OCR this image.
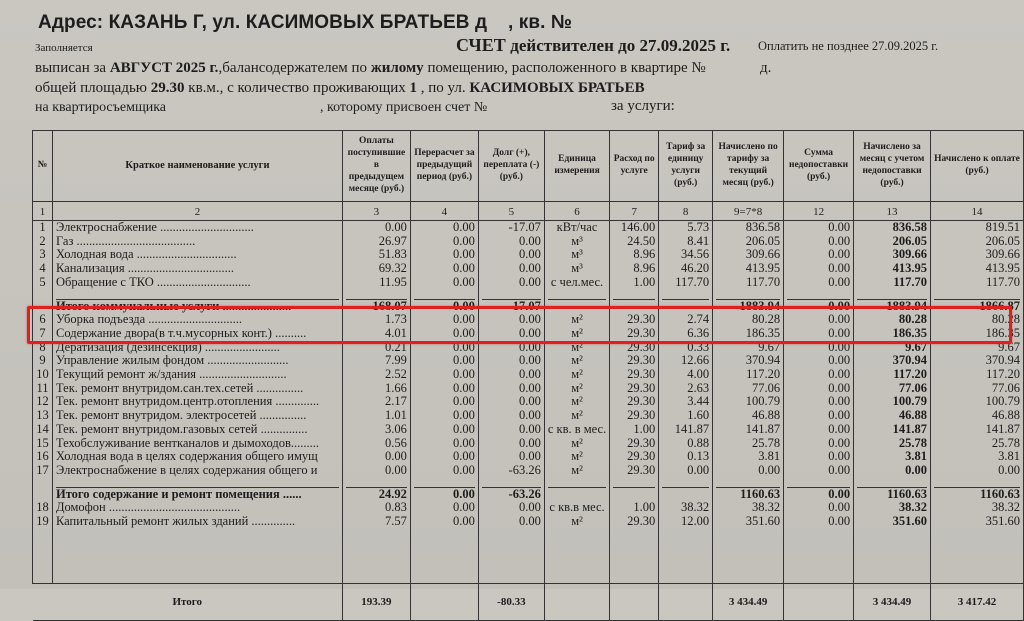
Адрес: КАЗАНЬ Г, ул. КАСИМОВЫХ БРАТЬЕВ д , кв. №
Заполняется	СЧЕТ действителен до 27.09.2025 г. Оплатить не позднее 27.09.2025 г.
выписан за АВГУСТ 2025 г.,балансодержателем по жилому помещению, расположенного в квартире №	д.
общей площадью 29.30 кв.м., с количество проживающих 1 , по ул. КАСИМОВЫХ БРАТЬЕВ
на квартиросъемщика	, которому присвоен счет №	за услуги:
№	Краткое наименование услуги	Оплаты поступившие в предыдущем месяце (руб.)	Перерасчет за предыдущий период (руб.)	Долг (+), переплата (-) (руб.)	Единица измерения	Расход по услуге	Тариф за единицу услуги (руб.)	Начислено по тарифу за текущий месяц (руб.)	Сумма недопоставки (руб.)	Начислено за месяц с учетом недопоставки (руб.)	Начислено к оплате (руб.)
1	2	3	4	5	6	7	8	9=7*8	12	13	14
1	Электроснабжение ..............................	0.00	0.00	-17.07	кВт/час	146.00	5.73	836.58	0.00	836.58	819.51
2	Газ ......................................	26.97	0.00	0.00	м³	24.50	8.41	206.05	0.00	206.05	206.05
3	Холодная вода ................................	51.83	0.00	0.00	м³	8.96	34.56	309.66	0.00	309.66	309.66
4	Канализация ..................................	69.32	0.00	0.00	м³	8.96	46.20	413.95	0.00	413.95	413.95
5	Обращение с ТКО ..............................	11.95	0.00	0.00	с чел.мес.	1.00	117.70	117.70	0.00	117.70	117.70

	Итого коммунальные услуги ......................	168.07	0.00	-17.07				1883.94	0.00	1883.94	1866.87
6	Уборка подъезда ..............................	1.73	0.00	0.00	м²	29.30	2.74	80.28	0.00	80.28	80.28
7	Содержание двора(в т.ч.мусорных конт.) ..........	4.01	0.00	0.00	м²	29.30	6.36	186.35	0.00	186.35	186.35
8	Дератизация (дезинсекция) ........................	0.21	0.00	0.00	м²	29.30	0.33	9.67	0.00	9.67	9.67
9	Управление жилым фондом ..........................	7.99	0.00	0.00	м²	29.30	12.66	370.94	0.00	370.94	370.94
10	Текущий ремонт ж/здания ............................	2.52	0.00	0.00	м²	29.30	4.00	117.20	0.00	117.20	117.20
11	Тек. ремонт внутридом.сан.тех.сетей ...............	1.66	0.00	0.00	м²	29.30	2.63	77.06	0.00	77.06	77.06
12	Тек. ремонт внутридом.центр.отопления ..............	2.17	0.00	0.00	м²	29.30	3.44	100.79	0.00	100.79	100.79
13	Тек. ремонт внутридом. электросетей ...............	1.01	0.00	0.00	м²	29.30	1.60	46.88	0.00	46.88	46.88
14	Тек. ремонт внутридом.газовых сетей ...............	3.06	0.00	0.00	с кв. в мес.	1.00	141.87	141.87	0.00	141.87	141.87
15	Техобслуживание вентканалов и дымоходов.........	0.56	0.00	0.00	м²	29.30	0.88	25.78	0.00	25.78	25.78
16	Холодная вода в целях содержания общего имущ	0.00	0.00	0.00	м²	29.30	0.13	3.81	0.00	3.81	3.81
17	Электроснабжение в целях содержания общего и	0.00	0.00	-63.26	м²	29.30	0.00	0.00	0.00	0.00	0.00

	Итого содержание и ремонт помещения ......	24.92	0.00	-63.26				1160.63	0.00	1160.63	1160.63
18	Домофон ..........................................	0.83	0.00	0.00	с кв.в мес.	1.00	38.32	38.32	0.00	38.32	38.32
19	Капитальный ремонт жилых зданий ..............	7.57	0.00	0.00	м²	29.30	12.00	351.60	0.00	351.60	351.60

Итого		193.39		-80.33				3 434.49		3 434.49	3 417.42
